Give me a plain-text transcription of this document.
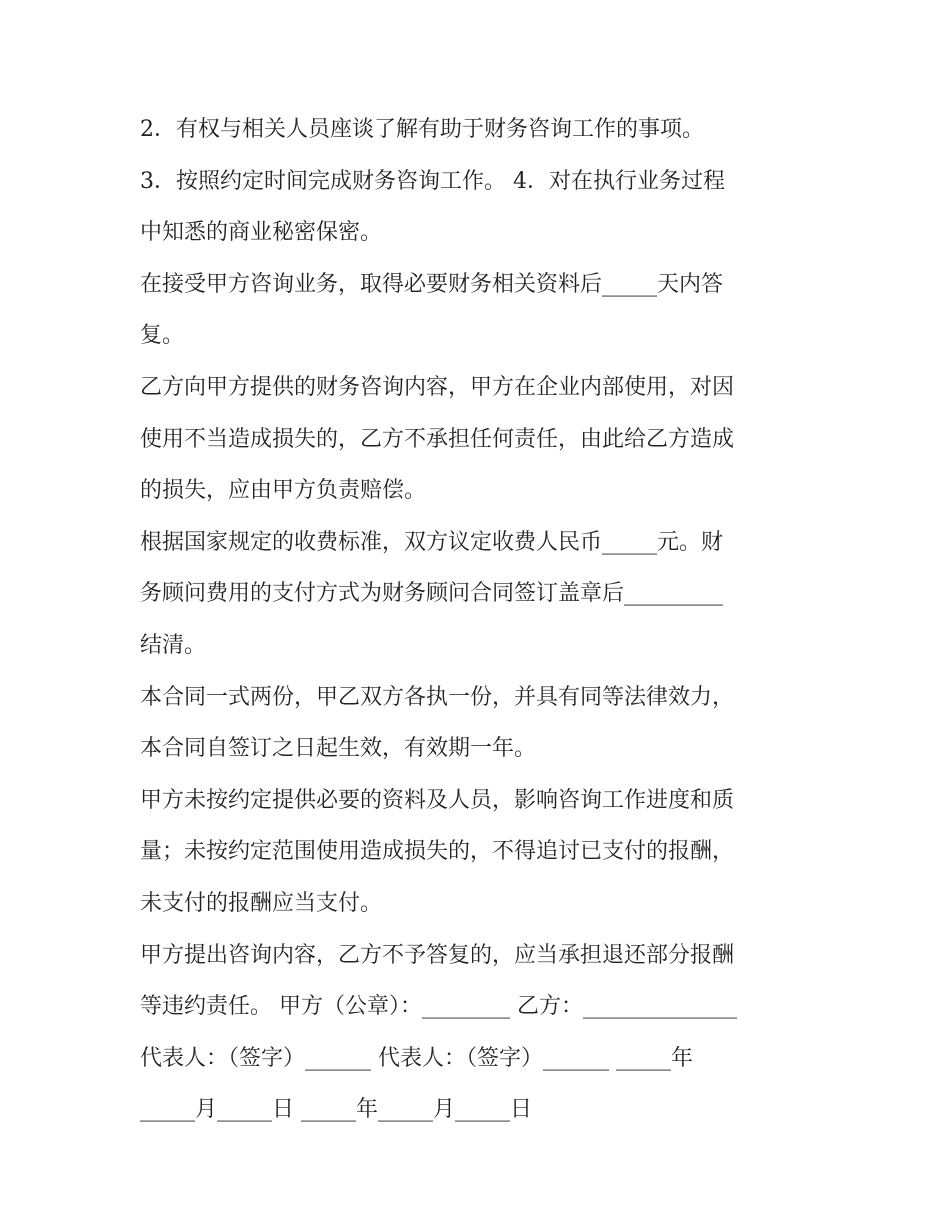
2．有权与相关人员座谈了解有助于财务咨询工作的事项。
3．按照约定时间完成财务咨询工作。 4．对在执行业务过程
中知悉的商业秘密保密。
在接受甲方咨询业务，取得必要财务相关资料后_____天内答
复。
乙方向甲方提供的财务咨询内容，甲方在企业内部使用，对因
使用不当造成损失的，乙方不承担任何责任，由此给乙方造成
的损失，应由甲方负责赔偿。
根据国家规定的收费标准，双方议定收费人民币_____元。财
务顾问费用的支付方式为财务顾问合同签订盖章后_________
结清。
本合同一式两份，甲乙双方各执一份，并具有同等法律效力，
本合同自签订之日起生效，有效期一年。
甲方未按约定提供必要的资料及人员，影响咨询工作进度和质
量；未按约定范围使用造成损失的，不得追讨已支付的报酬，
未支付的报酬应当支付。
甲方提出咨询内容，乙方不予答复的，应当承担退还部分报酬
等违约责任。 甲方（公章）：________ 乙方：______________
代表人：（签字）______ 代表人：（签字）______ _____年
_____月_____日 _____年_____月_____日
